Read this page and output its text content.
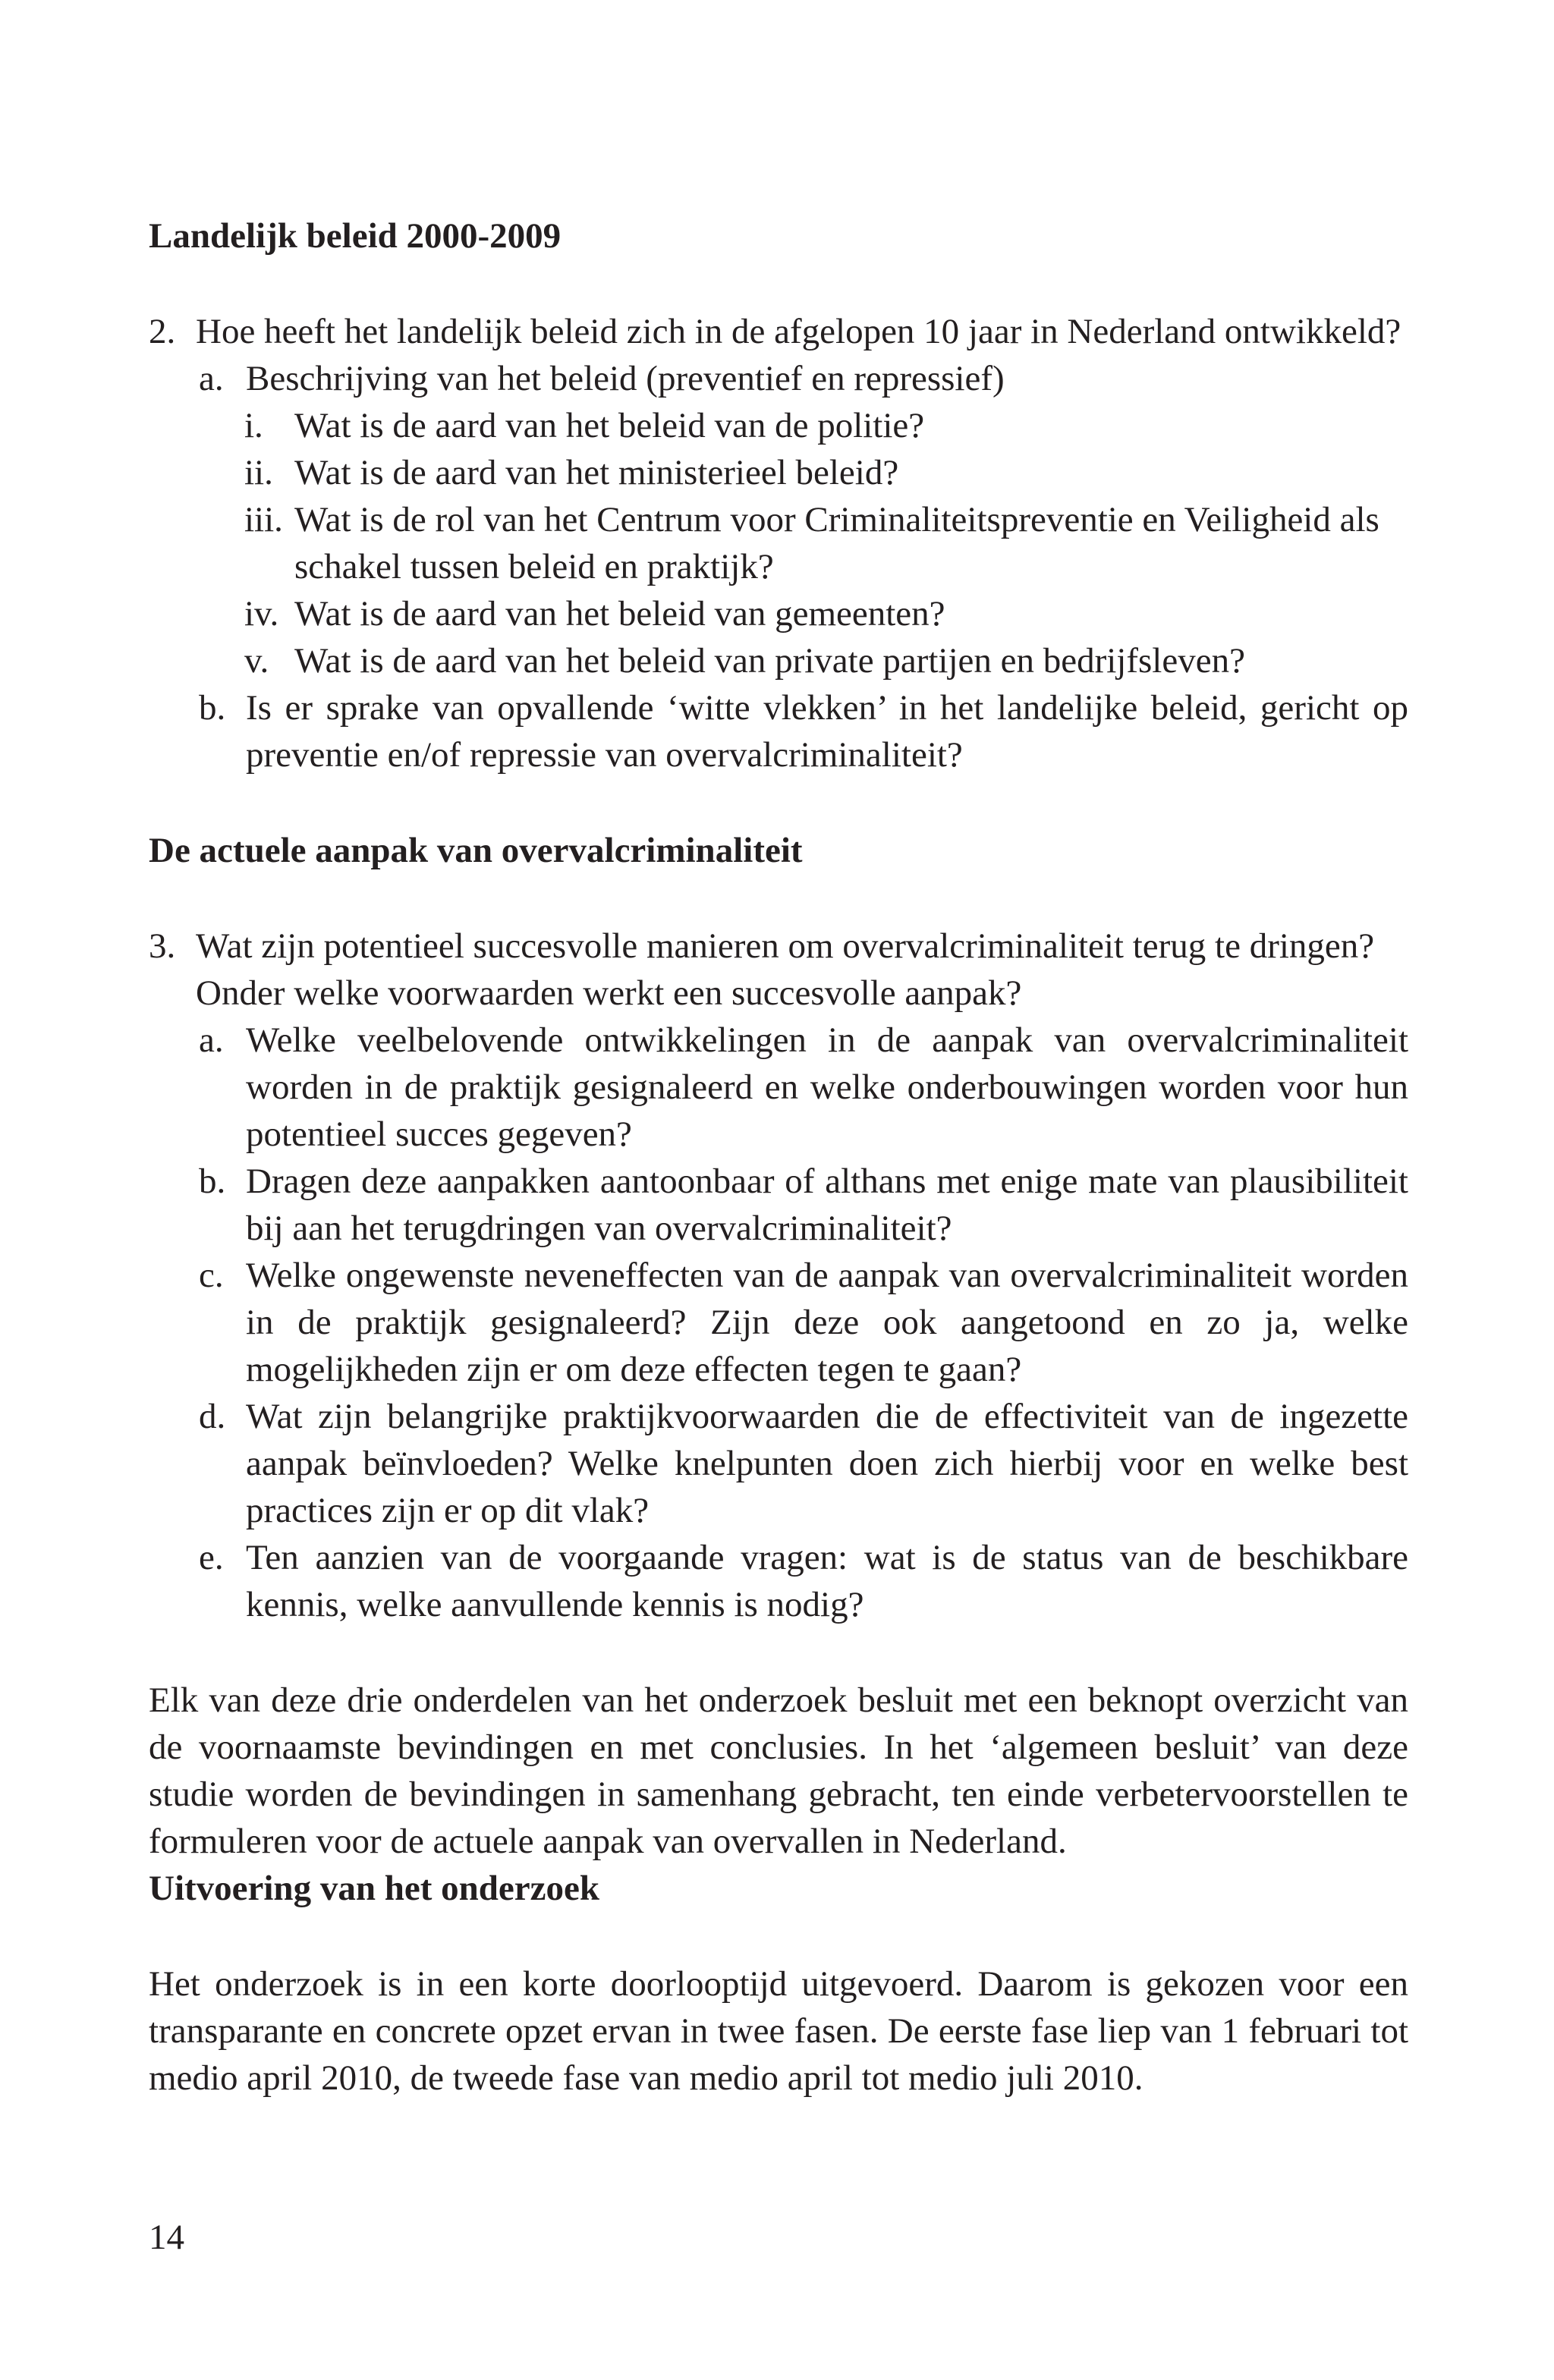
Landelijk beleid 2000-2009
2. Hoe heeft het landelijk beleid zich in de afgelopen 10 jaar in Nederland ontwikkeld?
a. Beschrijving van het beleid (preventief en repressief)
i. Wat is de aard van het beleid van de politie?
ii. Wat is de aard van het ministerieel beleid?
iii. Wat is de rol van het Centrum voor Criminaliteitspreventie en Veiligheid als schakel tussen beleid en praktijk?
iv. Wat is de aard van het beleid van gemeenten?
v. Wat is de aard van het beleid van private partijen en bedrijfsleven?
b. Is er sprake van opvallende ‘witte vlekken’ in het landelijke beleid, gericht op preventie en/of repressie van overvalcriminaliteit?
De actuele aanpak van overvalcriminaliteit
3. Wat zijn potentieel succesvolle manieren om overvalcriminaliteit terug te dringen? Onder welke voorwaarden werkt een succesvolle aanpak?
a. Welke veelbelovende ontwikkelingen in de aanpak van overvalcriminaliteit worden in de praktijk gesignaleerd en welke onderbouwingen worden voor hun potentieel succes gegeven?
b. Dragen deze aanpakken aantoonbaar of althans met enige mate van plausibiliteit bij aan het terugdringen van overvalcriminaliteit?
c. Welke ongewenste neveneffecten van de aanpak van overvalcriminaliteit worden in de praktijk gesignaleerd? Zijn deze ook aangetoond en zo ja, welke mogelijkheden zijn er om deze effecten tegen te gaan?
d. Wat zijn belangrijke praktijkvoorwaarden die de effectiviteit van de ingezette aanpak beïnvloeden? Welke knelpunten doen zich hierbij voor en welke best practices zijn er op dit vlak?
e. Ten aanzien van de voorgaande vragen: wat is de status van de beschikbare kennis, welke aanvullende kennis is nodig?

Elk van deze drie onderdelen van het onderzoek besluit met een beknopt overzicht van de voornaamste bevindingen en met conclusies. In het ‘algemeen besluit’ van deze studie worden de bevindingen in samenhang gebracht, ten einde verbetervoorstellen te formuleren voor de actuele aanpak van overvallen in Nederland.

Uitvoering van het onderzoek

Het onderzoek is in een korte doorlooptijd uitgevoerd. Daarom is gekozen voor een transparante en concrete opzet ervan in twee fasen. De eerste fase liep van 1 februari tot medio april 2010, de tweede fase van medio april tot medio juli 2010.

14
